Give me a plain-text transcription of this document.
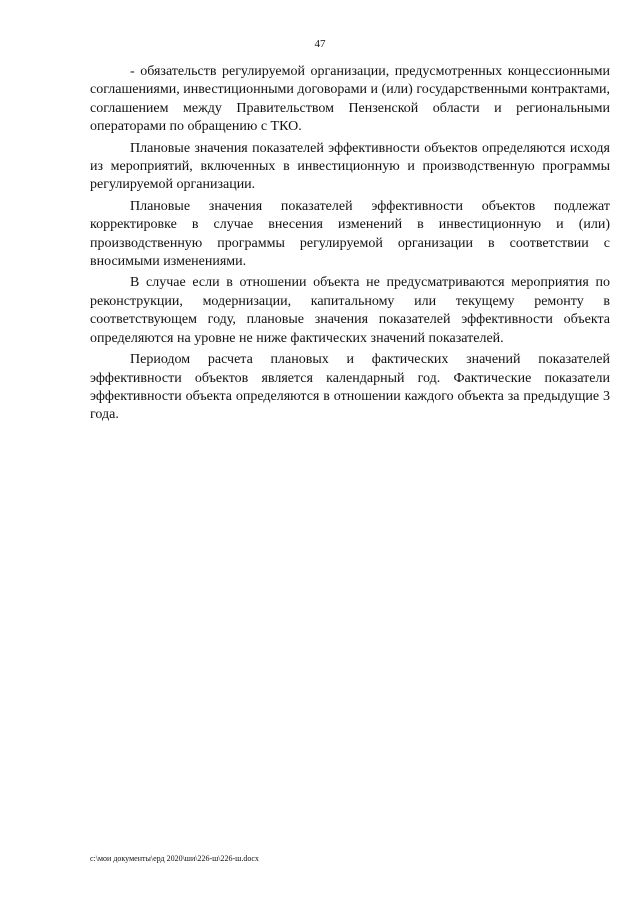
47

- обязательств регулируемой организации, предусмотренных концессионными соглашениями, инвестиционными договорами и (или) государственными контрактами, соглашением между Правительством Пензенской области и региональными операторами по обращению с ТКО.

Плановые значения показателей эффективности объектов определяются исходя из мероприятий, включенных в инвестиционную и производственную программы регулируемой организации.

Плановые значения показателей эффективности объектов подлежат корректировке в случае внесения изменений в инвестиционную и (или) производственную программы регулируемой организации в соответствии с вносимыми изменениями.

В случае если в отношении объекта не предусматриваются мероприятия по реконструкции, модернизации, капитальному или текущему ремонту в соответствующем году, плановые значения показателей эффективности объекта определяются на уровне не ниже фактических значений показателей.

Периодом расчета плановых и фактических значений показателей эффективности объектов является календарный год. Фактические показатели эффективности объекта определяются в отношении каждого объекта за предыдущие 3 года.

c:\мои документы\ерд 2020\ши\226-ш\226-ш.docx
